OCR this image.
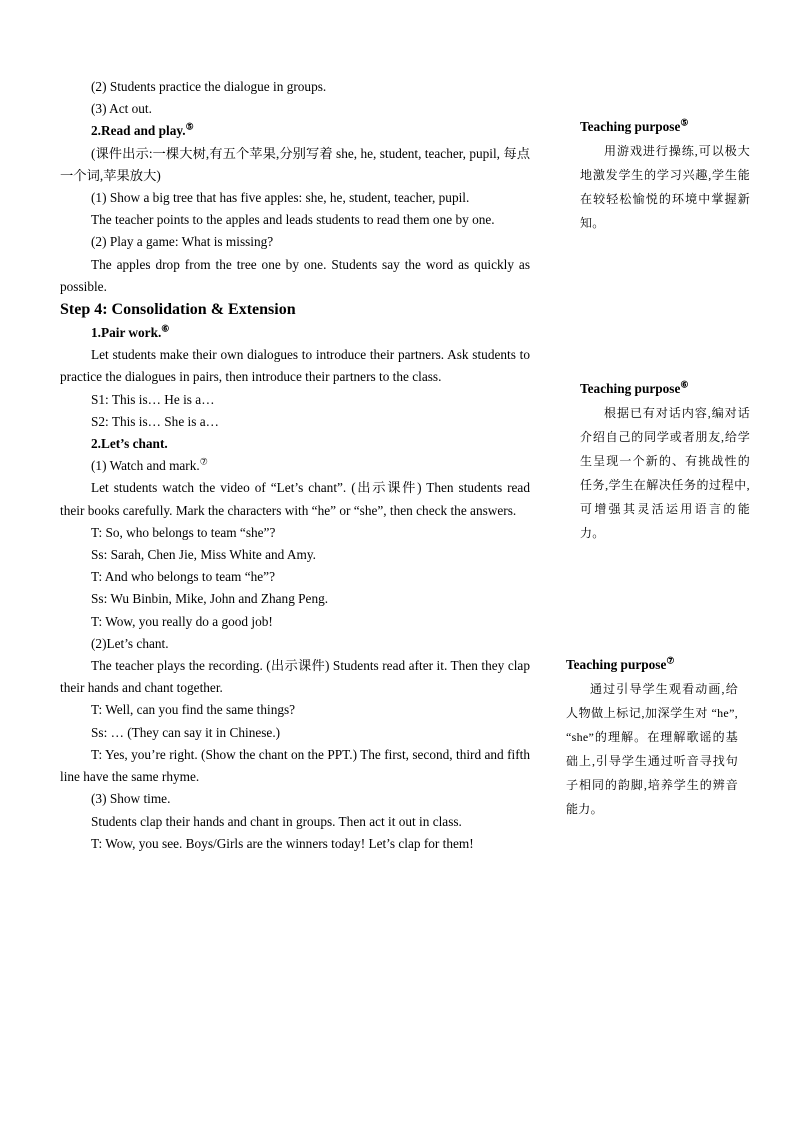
(2) Students practice the dialogue in groups.
(3) Act out.
2.Read and play.⑤
(课件出示:一棵大树,有五个苹果,分别写着 she, he, student, teacher, pupil, 每点一个词,苹果放大)
(1) Show a big tree that has five apples: she, he, student, teacher, pupil.
The teacher points to the apples and leads students to read them one by one.
(2) Play a game: What is missing?
The apples drop from the tree one by one. Students say the word as quickly as possible.
Step 4: Consolidation & Extension
1.Pair work.⑥
Let students make their own dialogues to introduce their partners. Ask students to practice the dialogues in pairs, then introduce their partners to the class.
S1: This is… He is a…
S2: This is… She is a…
2.Let’s chant.
(1) Watch and mark.⑦
Let students watch the video of “Let’s chant”. (出示课件) Then students read their books carefully. Mark the characters with “he” or “she”, then check the answers.
T: So, who belongs to team “she”?
Ss: Sarah, Chen Jie, Miss White and Amy.
T: And who belongs to team “he”?
Ss: Wu Binbin, Mike, John and Zhang Peng.
T: Wow, you really do a good job!
(2)Let’s chant.
The teacher plays the recording. (出示课件) Students read after it. Then they clap their hands and chant together.
T: Well, can you find the same things?
Ss: … (They can say it in Chinese.)
T: Yes, you’re right. (Show the chant on the PPT.) The first, second, third and fifth line have the same rhyme.
(3) Show time.
Students clap their hands and chant in groups. Then act it out in class.
T: Wow, you see. Boys/Girls are the winners today! Let’s clap for them!
Teaching purpose⑤
用游戏进行操练,可以极大地激发学生的学习兴趣,学生能在较轻松愉悦的环境中掌握新知。
Teaching purpose⑥
根据已有对话内容,编对话介绍自己的同学或者朋友,给学生呈现一个新的、有挑战性的任务,学生在解决任务的过程中,可增强其灵活运用语言的能力。
Teaching purpose⑦
通过引导学生观看动画,给人物做上标记,加深学生对 “he”, “she”的理解。在理解歌谣的基础上,引导学生通过听音寻找句子相同的韵脚,培养学生的辨音能力。
